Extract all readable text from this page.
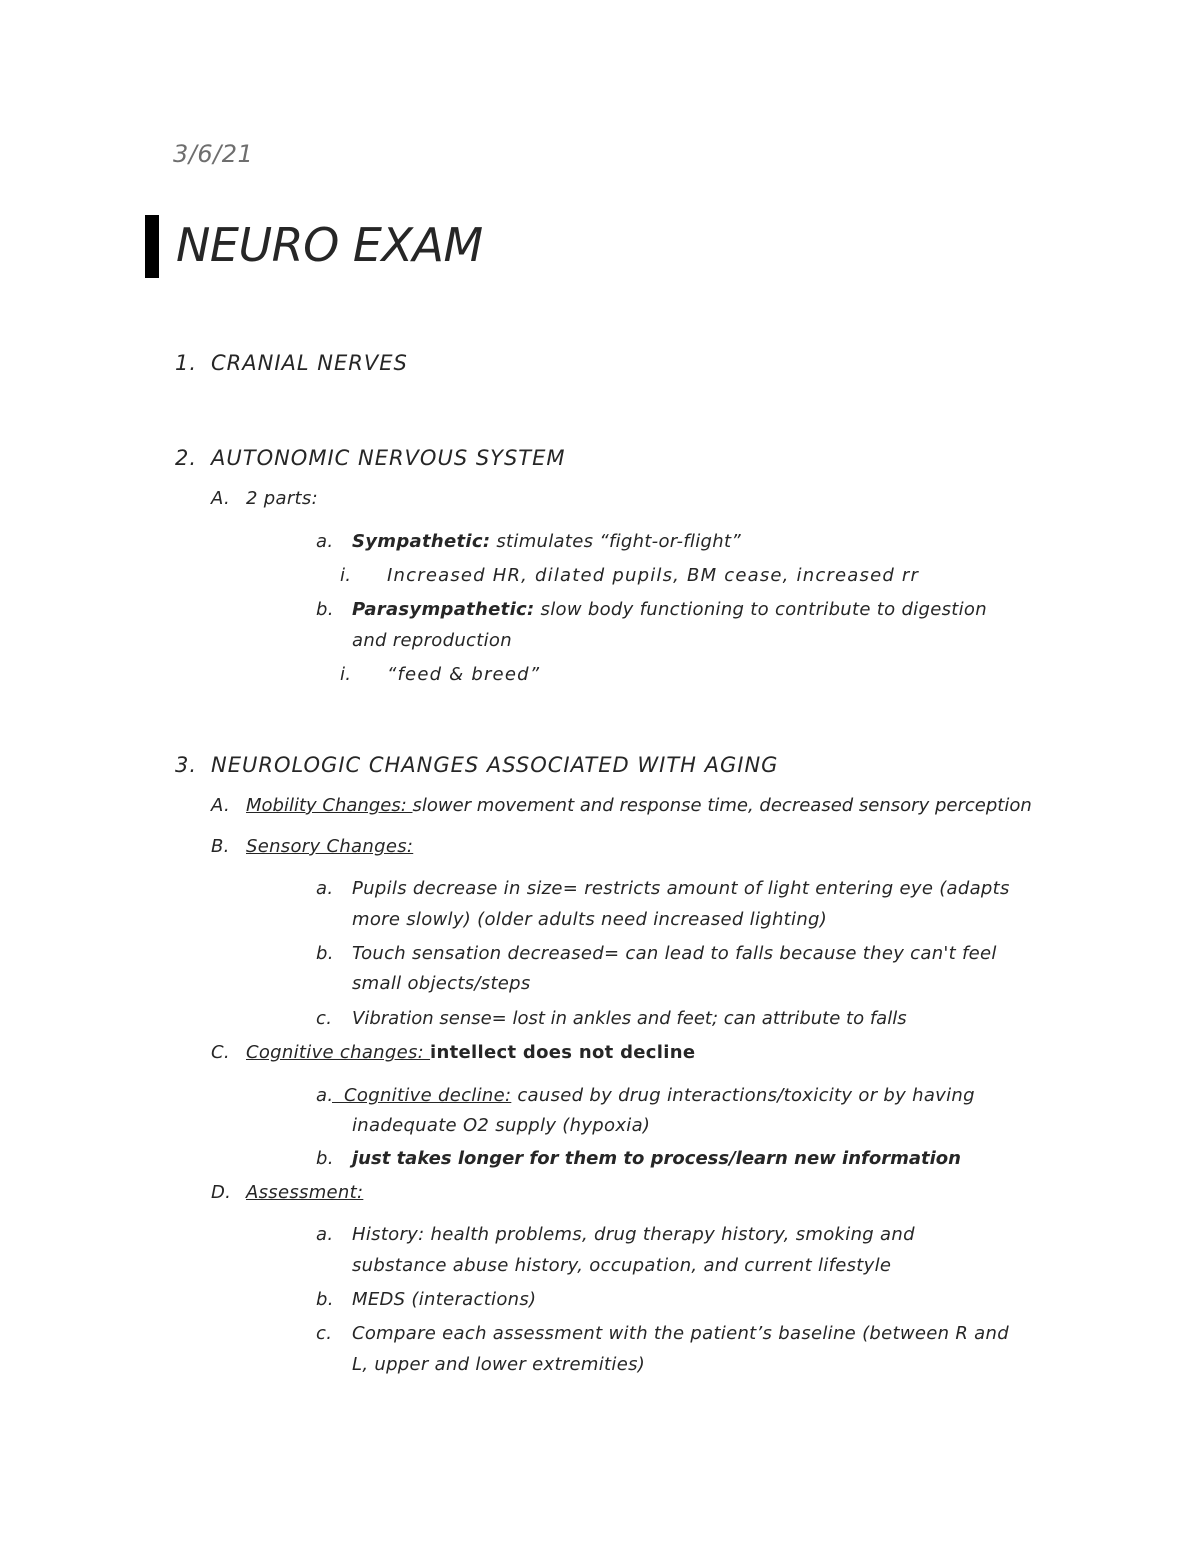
3/6/21
NEURO EXAM
1. CRANIAL NERVES
2. AUTONOMIC NERVOUS SYSTEM
A. 2 parts:
a. Sympathetic: stimulates “fight-or-flight”
i. Increased HR, dilated pupils, BM cease, increased rr
b. Parasympathetic: slow body functioning to contribute to digestion
and reproduction
i. “feed & breed”
3. NEUROLOGIC CHANGES ASSOCIATED WITH AGING
A. Mobility Changes: slower movement and response time, decreased sensory perception
B. Sensory Changes:
a. Pupils decrease in size= restricts amount of light entering eye (adapts
more slowly) (older adults need increased lighting)
b. Touch sensation decreased= can lead to falls because they can't feel
small objects/steps
c. Vibration sense= lost in ankles and feet; can attribute to falls
C. Cognitive changes: intellect does not decline
a.
Cognitive decline: caused by drug interactions/toxicity or by having
inadequate O2 supply (hypoxia)
b. just takes longer for them to process/learn new information
D. Assessment:
a. History: health problems, drug therapy history, smoking and
substance abuse history, occupation, and current lifestyle
b. MEDS (interactions)
c. Compare each assessment with the patient’s baseline (between R and
L, upper and lower extremities)
